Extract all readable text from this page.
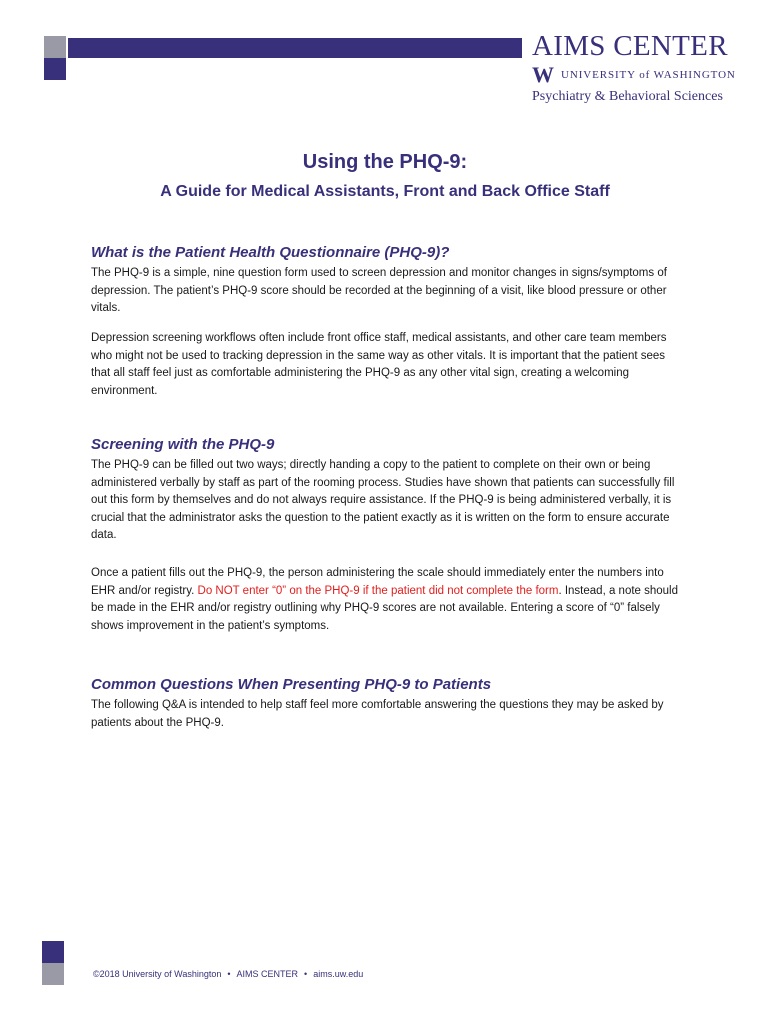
AIMS CENTER
W UNIVERSITY of WASHINGTON
Psychiatry & Behavioral Sciences
Using the PHQ-9:
A Guide for Medical Assistants, Front and Back Office Staff
What is the Patient Health Questionnaire (PHQ-9)?

The PHQ-9 is a simple, nine question form used to screen depression and monitor changes in signs/symptoms of depression. The patient’s PHQ-9 score should be recorded at the beginning of a visit, like blood pressure or other vitals.

Depression screening workflows often include front office staff, medical assistants, and other care team members who might not be used to tracking depression in the same way as other vitals. It is important that the patient sees that all staff feel just as comfortable administering the PHQ-9 as any other vital sign, creating a welcoming environment.

Screening with the PHQ-9

The PHQ-9 can be filled out two ways; directly handing a copy to the patient to complete on their own or being administered verbally by staff as part of the rooming process. Studies have shown that patients can successfully fill out this form by themselves and do not always require assistance. If the PHQ-9 is being administered verbally, it is crucial that the administrator asks the question to the patient exactly as it is written on the form to ensure accurate data.

Once a patient fills out the PHQ-9, the person administering the scale should immediately enter the numbers into EHR and/or registry. Do NOT enter “0” on the PHQ-9 if the patient did not complete the form. Instead, a note should be made in the EHR and/or registry outlining why PHQ-9 scores are not available. Entering a score of “0” falsely shows improvement in the patient’s symptoms.

Common Questions When Presenting PHQ-9 to Patients

The following Q&A is intended to help staff feel more comfortable answering the questions they may be asked by patients about the PHQ-9.

©2018 University of Washington • AIMS CENTER • aims.uw.edu
